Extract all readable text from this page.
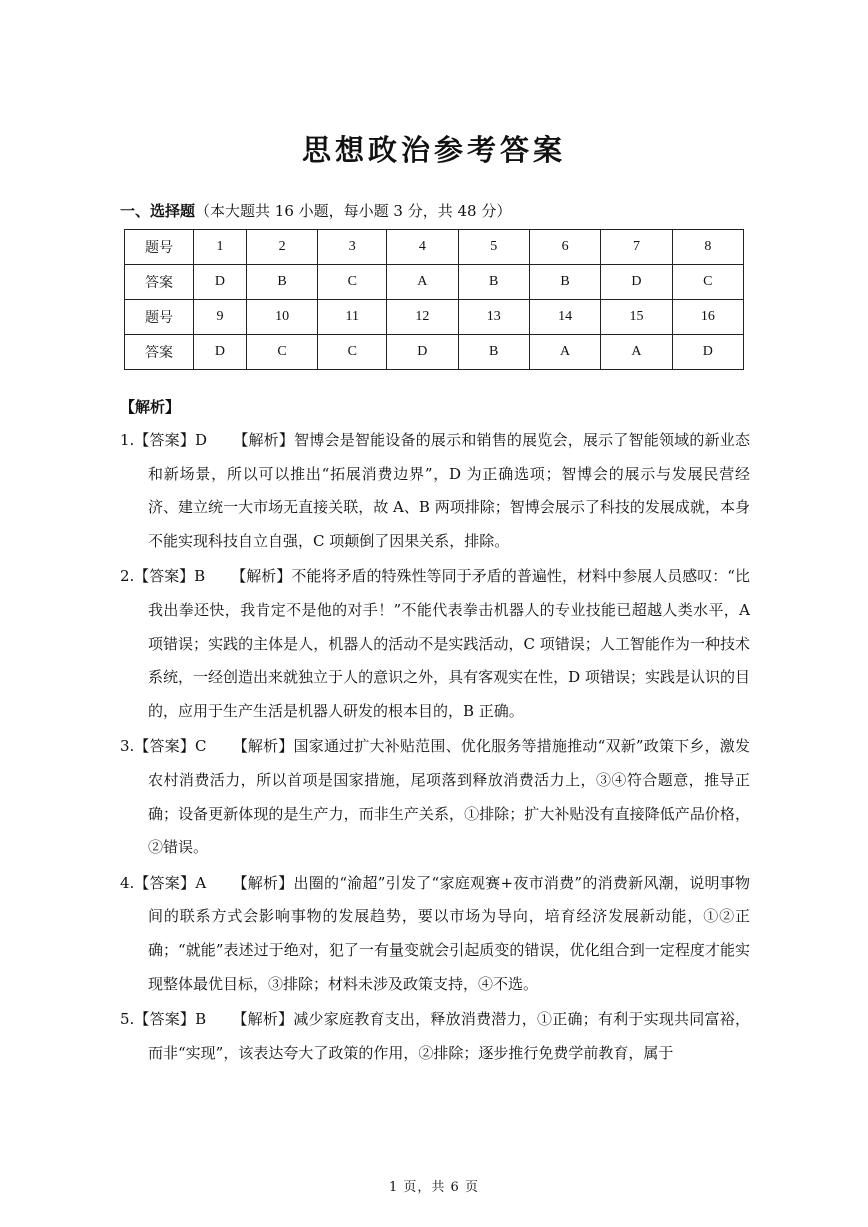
思想政治参考答案
一、选择题（本大题共 16 小题，每小题 3 分，共 48 分）
题号	1	2	3	4	5	6	7	8
答案	D	B	C	A	B	B	D	C
题号	9	10	11	12	13	14	15	16
答案	D	C	C	D	B	A	A	D
【解析】
1.【答案】D 【解析】智博会是智能设备的展示和销售的展览会，展示了智能领域的新业态和新场景，所以可以推出“拓展消费边界”，D 为正确选项；智博会的展示与发展民营经济、建立统一大市场无直接关联，故 A、B 两项排除；智博会展示了科技的发展成就，本身不能实现科技自立自强，C 项颠倒了因果关系，排除。
2.【答案】B 【解析】不能将矛盾的特殊性等同于矛盾的普遍性，材料中参展人员感叹：“比我出拳还快，我肯定不是他的对手！”不能代表拳击机器人的专业技能已超越人类水平，A 项错误；实践的主体是人，机器人的活动不是实践活动，C 项错误；人工智能作为一种技术系统，一经创造出来就独立于人的意识之外，具有客观实在性，D 项错误；实践是认识的目的，应用于生产生活是机器人研发的根本目的，B 正确。
3.【答案】C 【解析】国家通过扩大补贴范围、优化服务等措施推动“双新”政策下乡，激发农村消费活力，所以首项是国家措施，尾项落到释放消费活力上，③④符合题意，推导正确；设备更新体现的是生产力，而非生产关系，①排除；扩大补贴没有直接降低产品价格，②错误。
4.【答案】A 【解析】出圈的“渝超”引发了“家庭观赛+夜市消费”的消费新风潮，说明事物间的联系方式会影响事物的发展趋势，要以市场为导向，培育经济发展新动能，①②正确；“就能”表述过于绝对，犯了一有量变就会引起质变的错误，优化组合到一定程度才能实现整体最优目标，③排除；材料未涉及政策支持，④不选。
5.【答案】B 【解析】减少家庭教育支出，释放消费潜力，①正确；有利于实现共同富裕，而非“实现”，该表达夸大了政策的作用，②排除；逐步推行免费学前教育，属于
1 页，共 6 页
